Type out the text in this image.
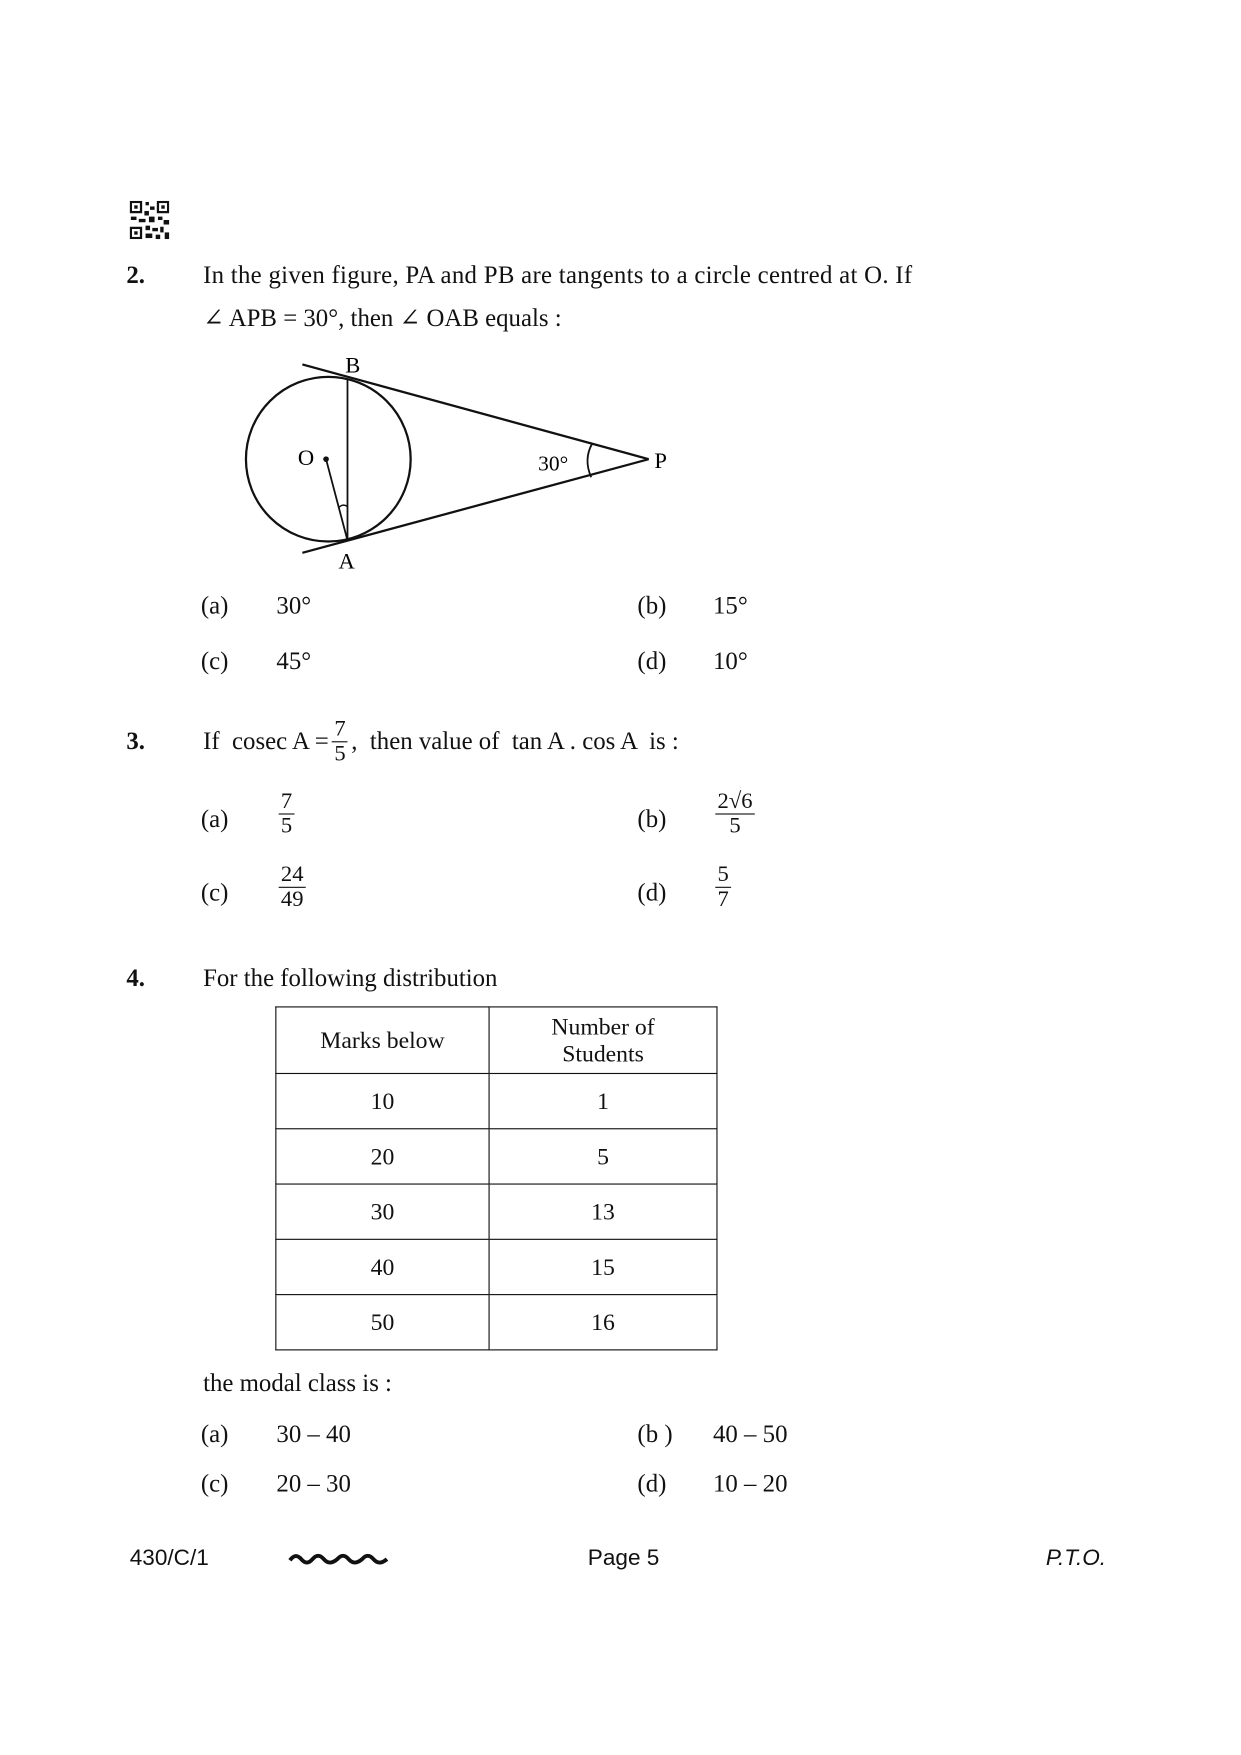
2.	In the given figure, PA and PB are tangents to a circle centred at O. If
∠ APB = 30°, then ∠ OAB equals :
B
A
O	P
30°
(a) 30°	(b) 15°
(c) 45°	(d) 10°
3.	If  cosec $A = \frac{7}{5}$ ,  then value of  tan A . cos A  is :
(a)	$\frac{7}{5}$	$(b) \frac{2√6}{5}$
(c)	$\frac{24}{49}$	$(d) \frac{5}{7}$
4.	For the following distribution
Marks below	Number of Students
10	1
20	5
30	13
40	15
50	16
the modal class is :
(a) 30 – 40	(b ) 40 – 50
(c) 20 – 30	(d) 10 – 20
430/C/1	Page 5	P.T.O.
